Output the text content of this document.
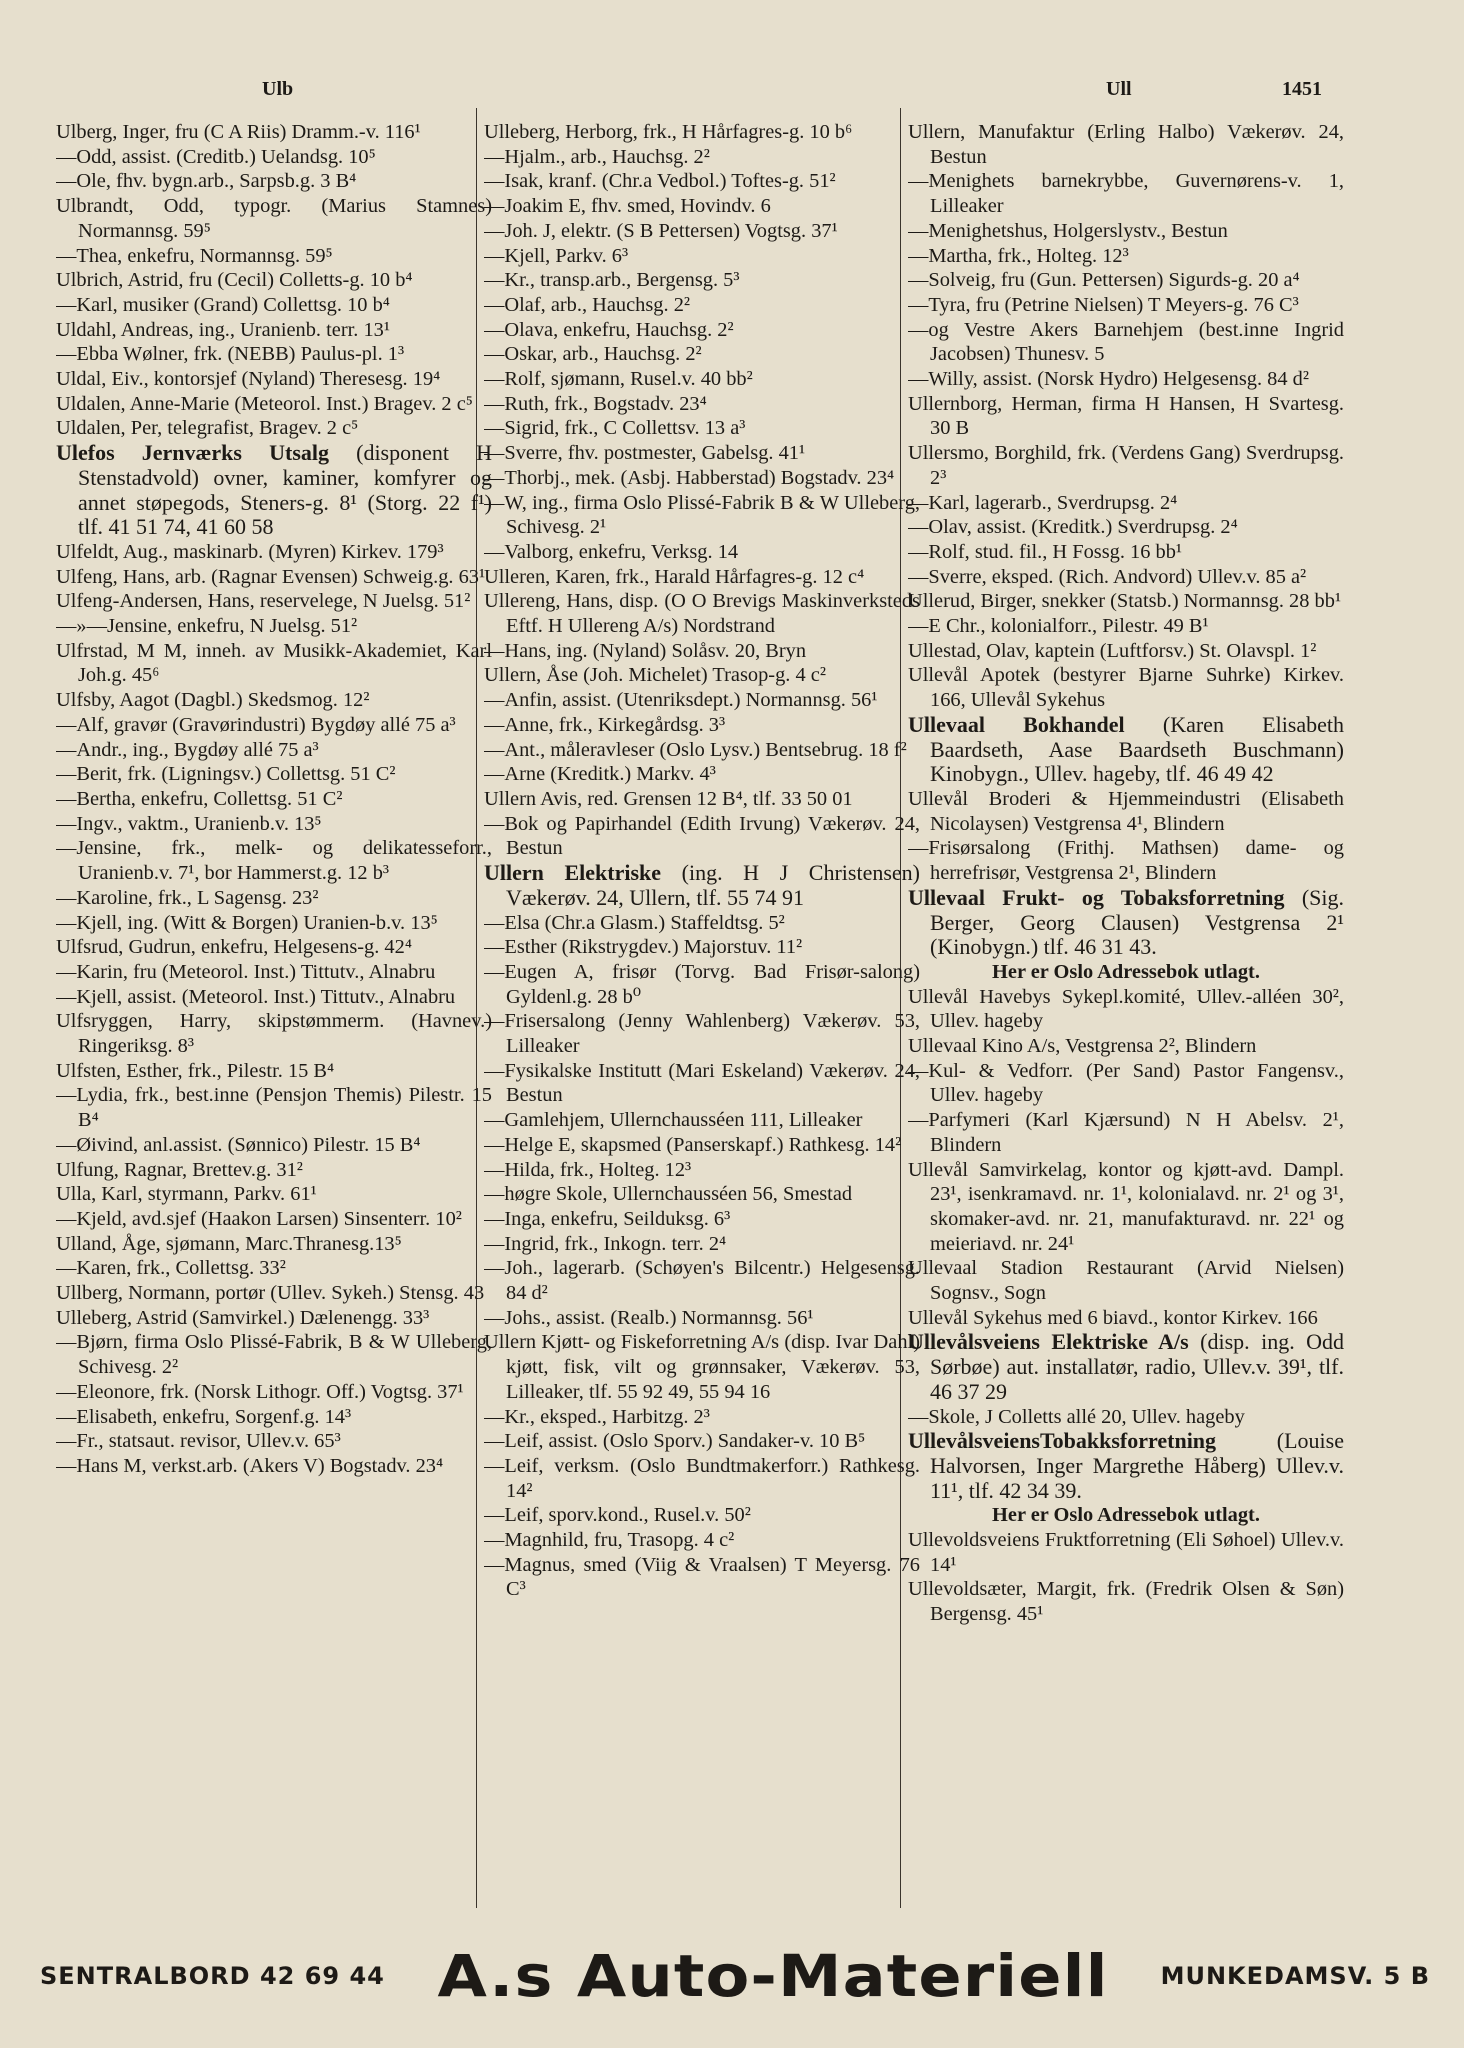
Ulb	Ull	1451

Ulberg, Inger, fru (C A Riis) Dramm.-v. 116¹

—Odd, assist. (Creditb.) Uelandsg. 10⁵

—Ole, fhv. bygn.arb., Sarpsb.g. 3 B⁴

Ulbrandt, Odd, typogr. (Marius Stamnes) Normannsg. 59⁵

—Thea, enkefru, Normannsg. 59⁵

Ulbrich, Astrid, fru (Cecil) Colletts-g. 10 b⁴

—Karl, musiker (Grand) Collettsg. 10 b⁴

Uldahl, Andreas, ing., Uranienb. terr. 13¹

—Ebba Wølner, frk. (NEBB) Paulus-pl. 1³

Uldal, Eiv., kontorsjef (Nyland) Theresesg. 19⁴

Uldalen, Anne-Marie (Meteorol. Inst.) Bragev. 2 c⁵

Uldalen, Per, telegrafist, Bragev. 2 c⁵

Ulefos Jernværks Utsalg (disponent H Stenstadvold) ovner, kaminer, komfyrer og annet støpegods, Steners-g. 8¹ (Storg. 22 f¹) tlf. 41 51 74, 41 60 58

Ulfeldt, Aug., maskinarb. (Myren) Kirkev. 179³

Ulfeng, Hans, arb. (Ragnar Evensen) Schweig.g. 63¹

Ulfeng-Andersen, Hans, reservelege, N Juelsg. 51²

—»—Jensine, enkefru, N Juelsg. 51²

Ulfrstad, M M, inneh. av Musikk-Akademiet, Karl Joh.g. 45⁶

Ulfsby, Aagot (Dagbl.) Skedsmog. 12²

—Alf, gravør (Gravørindustri) Bygdøy allé 75 a³

—Andr., ing., Bygdøy allé 75 a³

—Berit, frk. (Ligningsv.) Collettsg. 51 C²

—Bertha, enkefru, Collettsg. 51 C²

—Ingv., vaktm., Uranienb.v. 13⁵

—Jensine, frk., melk- og delikatesseforr., Uranienb.v. 7¹, bor Hammerst.g. 12 b³

—Karoline, frk., L Sagensg. 23²

—Kjell, ing. (Witt & Borgen) Uranien-b.v. 13⁵

Ulfsrud, Gudrun, enkefru, Helgesens-g. 42⁴

—Karin, fru (Meteorol. Inst.) Tittutv., Alnabru

—Kjell, assist. (Meteorol. Inst.) Tittutv., Alnabru

Ulfsryggen, Harry, skipstømmerm. (Havnev.) Ringeriksg. 8³

Ulfsten, Esther, frk., Pilestr. 15 B⁴

—Lydia, frk., best.inne (Pensjon Themis) Pilestr. 15 B⁴

—Øivind, anl.assist. (Sønnico) Pilestr. 15 B⁴

Ulfung, Ragnar, Brettev.g. 31²

Ulla, Karl, styrmann, Parkv. 61¹

—Kjeld, avd.sjef (Haakon Larsen) Sinsenterr. 10²

Ulland, Åge, sjømann, Marc.Thranesg.13⁵

—Karen, frk., Collettsg. 33²

Ullberg, Normann, portør (Ullev. Sykeh.) Stensg. 43

Ulleberg, Astrid (Samvirkel.) Dælenengg. 33³

—Bjørn, firma Oslo Plissé-Fabrik, B & W Ulleberg, Schivesg. 2²

—Eleonore, frk. (Norsk Lithogr. Off.) Vogtsg. 37¹

—Elisabeth, enkefru, Sorgenf.g. 14³

—Fr., statsaut. revisor, Ullev.v. 65³

—Hans M, verkst.arb. (Akers V) Bogstadv. 23⁴

Ulleberg, Herborg, frk., H Hårfagres-g. 10 b⁶

—Hjalm., arb., Hauchsg. 2²

—Isak, kranf. (Chr.a Vedbol.) Toftes-g. 51²

—Joakim E, fhv. smed, Hovindv. 6

—Joh. J, elektr. (S B Pettersen) Vogtsg. 37¹

—Kjell, Parkv. 6³

—Kr., transp.arb., Bergensg. 5³

—Olaf, arb., Hauchsg. 2²

—Olava, enkefru, Hauchsg. 2²

—Oskar, arb., Hauchsg. 2²

—Rolf, sjømann, Rusel.v. 40 bb²

—Ruth, frk., Bogstadv. 23⁴

—Sigrid, frk., C Collettsv. 13 a³

—Sverre, fhv. postmester, Gabelsg. 41¹

—Thorbj., mek. (Asbj. Habberstad) Bogstadv. 23⁴

—W, ing., firma Oslo Plissé-Fabrik B & W Ulleberg, Schivesg. 2¹

—Valborg, enkefru, Verksg. 14

Ulleren, Karen, frk., Harald Hårfagres-g. 12 c⁴

Ullereng, Hans, disp. (O O Brevigs Maskinverksteds Eftf. H Ullereng A/s) Nordstrand

—Hans, ing. (Nyland) Solåsv. 20, Bryn

Ullern, Åse (Joh. Michelet) Trasop-g. 4 c²

—Anfin, assist. (Utenriksdept.) Normannsg. 56¹

—Anne, frk., Kirkegårdsg. 3³

—Ant., måleravleser (Oslo Lysv.) Bentsebrug. 18 f²

—Arne (Kreditk.) Markv. 4³

Ullern Avis, red. Grensen 12 B⁴, tlf. 33 50 01

—Bok og Papirhandel (Edith Irvung) Vækerøv. 24, Bestun

Ullern Elektriske (ing. H J Christensen) Vækerøv. 24, Ullern, tlf. 55 74 91

—Elsa (Chr.a Glasm.) Staffeldtsg. 5²

—Esther (Rikstrygdev.) Majorstuv. 11²

—Eugen A, frisør (Torvg. Bad Frisør-salong) Gyldenl.g. 28 b⁰

—Frisersalong (Jenny Wahlenberg) Vækerøv. 53, Lilleaker

—Fysikalske Institutt (Mari Eskeland) Vækerøv. 24, Bestun

—Gamlehjem, Ullernchausséen 111, Lilleaker

—Helge E, skapsmed (Panserskapf.) Rathkesg. 14²

—Hilda, frk., Holteg. 12³

—høgre Skole, Ullernchausséen 56, Smestad

—Inga, enkefru, Seilduksg. 6³

—Ingrid, frk., Inkogn. terr. 2⁴

—Joh., lagerarb. (Schøyen's Bilcentr.) Helgesensg. 84 d²

—Johs., assist. (Realb.) Normannsg. 56¹

Ullern Kjøtt- og Fiskeforretning A/s (disp. Ivar Dahl) kjøtt, fisk, vilt og grønnsaker, Vækerøv. 53, Lilleaker, tlf. 55 92 49, 55 94 16

—Kr., eksped., Harbitzg. 2³

—Leif, assist. (Oslo Sporv.) Sandaker-v. 10 B⁵

—Leif, verksm. (Oslo Bundtmakerforr.) Rathkesg. 14²

—Leif, sporv.kond., Rusel.v. 50²

—Magnhild, fru, Trasopg. 4 c²

—Magnus, smed (Viig & Vraalsen) T Meyersg. 76 C³

Ullern, Manufaktur (Erling Halbo) Vækerøv. 24, Bestun

—Menighets barnekrybbe, Guvernørens-v. 1, Lilleaker

—Menighetshus, Holgerslystv., Bestun

—Martha, frk., Holteg. 12³

—Solveig, fru (Gun. Pettersen) Sigurds-g. 20 a⁴

—Tyra, fru (Petrine Nielsen) T Meyers-g. 76 C³

—og Vestre Akers Barnehjem (best.inne Ingrid Jacobsen) Thunesv. 5

—Willy, assist. (Norsk Hydro) Helgesensg. 84 d²

Ullernborg, Herman, firma H Hansen, H Svartesg. 30 B

Ullersmo, Borghild, frk. (Verdens Gang) Sverdrupsg. 2³

—Karl, lagerarb., Sverdrupsg. 2⁴

—Olav, assist. (Kreditk.) Sverdrupsg. 2⁴

—Rolf, stud. fil., H Fossg. 16 bb¹

—Sverre, eksped. (Rich. Andvord) Ullev.v. 85 a²

Ullerud, Birger, snekker (Statsb.) Normannsg. 28 bb¹

—E Chr., kolonialforr., Pilestr. 49 B¹

Ullestad, Olav, kaptein (Luftforsv.) St. Olavspl. 1²

Ullevål Apotek (bestyrer Bjarne Suhrke) Kirkev. 166, Ullevål Sykehus

Ullevaal Bokhandel (Karen Elisabeth Baardseth, Aase Baardseth Buschmann) Kinobygn., Ullev. hageby, tlf. 46 49 42

Ullevål Broderi & Hjemmeindustri (Elisabeth Nicolaysen) Vestgrensa 4¹, Blindern

—Frisørsalong (Frithj. Mathsen) dame- og herrefrisør, Vestgrensa 2¹, Blindern

Ullevaal Frukt- og Tobaksforretning (Sig. Berger, Georg Clausen) Vestgrensa 2¹ (Kinobygn.) tlf. 46 31 43.

Her er Oslo Adressebok utlagt.

Ullevål Havebys Sykepl.komité, Ullev.-alléen 30², Ullev. hageby

Ullevaal Kino A/s, Vestgrensa 2², Blindern

—Kul- & Vedforr. (Per Sand) Pastor Fangensv., Ullev. hageby

—Parfymeri (Karl Kjærsund) N H Abelsv. 2¹, Blindern

Ullevål Samvirkelag, kontor og kjøtt-avd. Dampl. 23¹, isenkramavd. nr. 1¹, kolonialavd. nr. 2¹ og 3¹, skomaker-avd. nr. 21, manufakturavd. nr. 22¹ og meieriavd. nr. 24¹

Ullevaal Stadion Restaurant (Arvid Nielsen) Sognsv., Sogn

Ullevål Sykehus med 6 biavd., kontor Kirkev. 166

Ullevålsveiens Elektriske A/s (disp. ing. Odd Sørbøe) aut. installatør, radio, Ullev.v. 39¹, tlf. 46 37 29

—Skole, J Colletts allé 20, Ullev. hageby

UllevålsveiensTobakksforretning (Louise Halvorsen, Inger Margrethe Håberg) Ullev.v. 11¹, tlf. 42 34 39.

Her er Oslo Adressebok utlagt.

Ullevoldsveiens Fruktforretning (Eli Søhoel) Ullev.v. 14¹

Ullevoldsæter, Margit, frk. (Fredrik Olsen & Søn) Bergensg. 45¹

SENTRALBORD 42 69 44 A.s Auto-Materiell MUNKEDAMSV. 5 B
